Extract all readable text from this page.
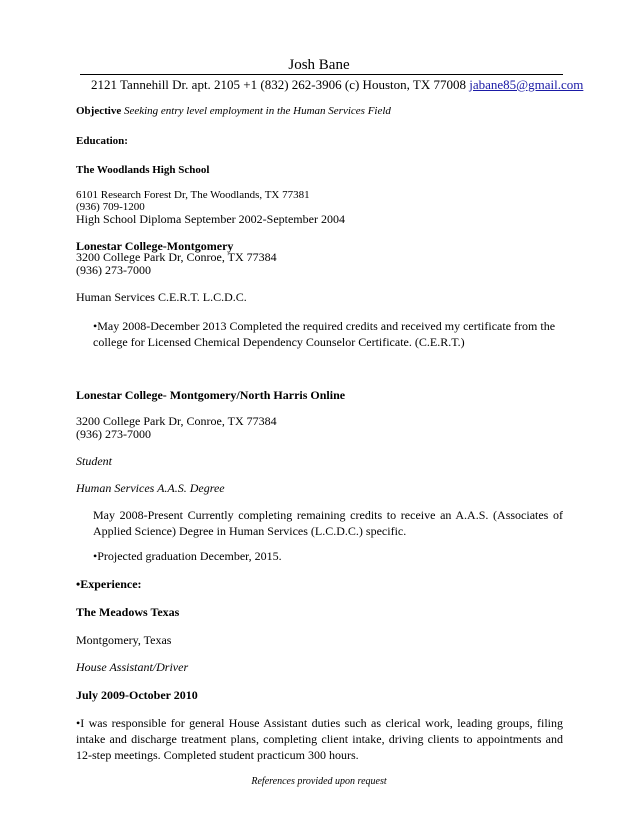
Josh Bane

2121 Tannehill Dr. apt. 2105 +1 (832) 262-3906 (c) Houston, TX 77008 jabane85@gmail.com

Objective Seeking entry level employment in the Human Services Field

Education:

The Woodlands High School

6101 Research Forest Dr, The Woodlands, TX 77381

(936) 709-1200

High School Diploma September 2002-September 2004

Lonestar College-Montgomery

3200 College Park Dr, Conroe, TX 77384

(936) 273-7000

Human Services C.E.R.T. L.C.D.C.

•May 2008-December 2013 Completed the required credits and received my certificate from the college for Licensed Chemical Dependency Counselor Certificate. (C.E.R.T.)

Lonestar College- Montgomery/North Harris Online

3200 College Park Dr, Conroe, TX 77384

(936) 273-7000

Student

Human Services A.A.S. Degree

May 2008-Present Currently completing remaining credits to receive an A.A.S. (Associates of Applied Science) Degree in Human Services (L.C.D.C.) specific.

•Projected graduation December, 2015.

•Experience:

The Meadows Texas

Montgomery, Texas

House Assistant/Driver

July 2009-October 2010

•I was responsible for general House Assistant duties such as clerical work, leading groups, filing intake and discharge treatment plans, completing client intake, driving clients to appointments and 12-step meetings. Completed student practicum 300 hours.

References provided upon request
